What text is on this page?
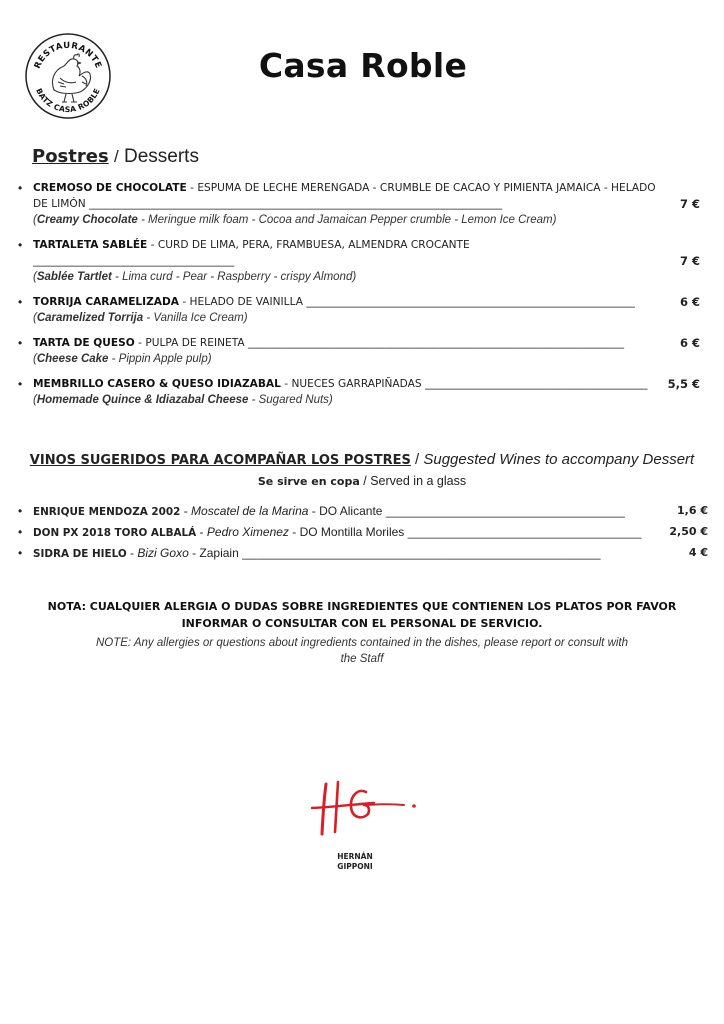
RESTAURANTE
BATZ CASA ROBLE
Casa Roble
Postres / Desserts
• CREMOSO DE CHOCOLATE - ESPUMA DE LECHE MERENGADA - CRUMBLE DE CACAO Y PIMIENTA JAMAICA - HELADO DE LIMÓN ______________________________________________________________________________	7 €
(Creamy Chocolate - Meringue milk foam - Cocoa and Jamaican Pepper crumble - Lemon Ice Cream)
• TARTALETA SABLÉE - CURD DE LIMA, PERA, FRAMBUESA, ALMENDRA CROCANTE ______________________________________	7 €
(Sablée Tartlet - Lima curd - Pear - Raspberry - crispy Almond)
• TORRIJA CARAMELIZADA - HELADO DE VAINILLA ______________________________________________________________	6 €
(Caramelized Torrija - Vanilla Ice Cream)
• TARTA DE QUESO - PULPA DE REINETA _______________________________________________________________________	6 €
(Cheese Cake - Pippin Apple pulp)
• MEMBRILLO CASERO & QUESO IDIAZABAL - NUECES GARRAPIÑADAS __________________________________________ 5,5 €
(Homemade Quince & Idiazabal Cheese - Sugared Nuts)
VINOS SUGERIDOS PARA ACOMPAÑAR LOS POSTRES / Suggested Wines to accompany Dessert
Se sirve en copa / Served in a glass
• ENRIQUE MENDOZA 2002 - Moscatel de la Marina - DO Alicante ______________________________________________	1,6 €
• DON PX 2018 TORO ALBALÁ - Pedro Ximenez - DO Montilla Moriles _____________________________________________	2,50 €
• SIDRA DE HIELO - Bizi Goxo - Zapiain _____________________________________________________________________	4 €
NOTA: CUALQUIER ALERGIA O DUDAS SOBRE INGREDIENTES QUE CONTIENEN LOS PLATOS POR FAVOR INFORMAR O CONSULTAR CON EL PERSONAL DE SERVICIO.
NOTE: Any allergies or questions about ingredients contained in the dishes, please report or consult with
the Staff
HERNÁN
GIPPONI
